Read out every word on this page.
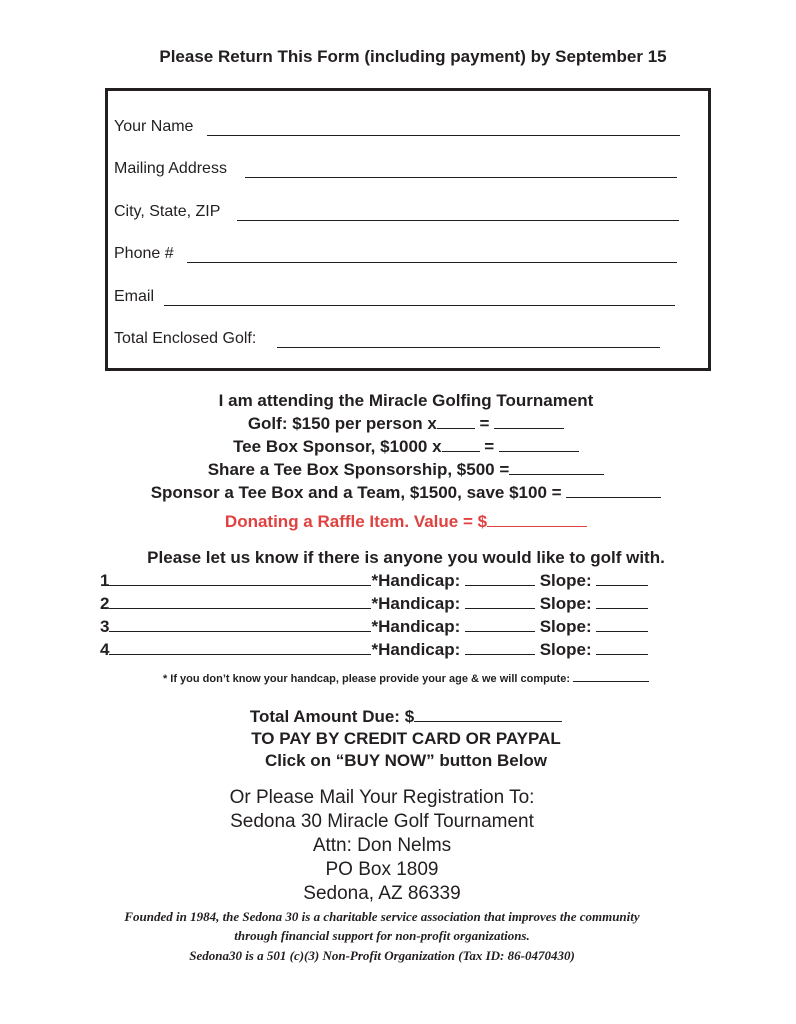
Please Return This Form (including payment) by September 15
Your Name
Mailing Address
City, State, ZIP
Phone #
Email
Total Enclosed Golf:
I am attending the Miracle Golfing Tournament
Golf: $150 per person x =
Tee Box Sponsor, $1000 x =
Share a Tee Box Sponsorship, $500 =
Sponsor a Tee Box and a Team, $1500, save $100 =
Donating a Raffle Item. Value = $
Please let us know if there is anyone you would like to golf with.
1	*Handicap:	Slope:
2	*Handicap:	Slope:
3	*Handicap:	Slope:
4	*Handicap:	Slope:
* If you don’t know your handcap, please provide your age & we will compute:
Total Amount Due: $
TO PAY BY CREDIT CARD OR PAYPAL
Click on “BUY NOW” button Below
Or Please Mail Your Registration To:
Sedona 30 Miracle Golf Tournament
Attn: Don Nelms
PO Box 1809
Sedona, AZ 86339
Founded in 1984, the Sedona 30 is a charitable service association that improves the community
through financial support for non-profit organizations.
Sedona30 is a 501 (c)(3) Non-Profit Organization (Tax ID: 86-0470430)
